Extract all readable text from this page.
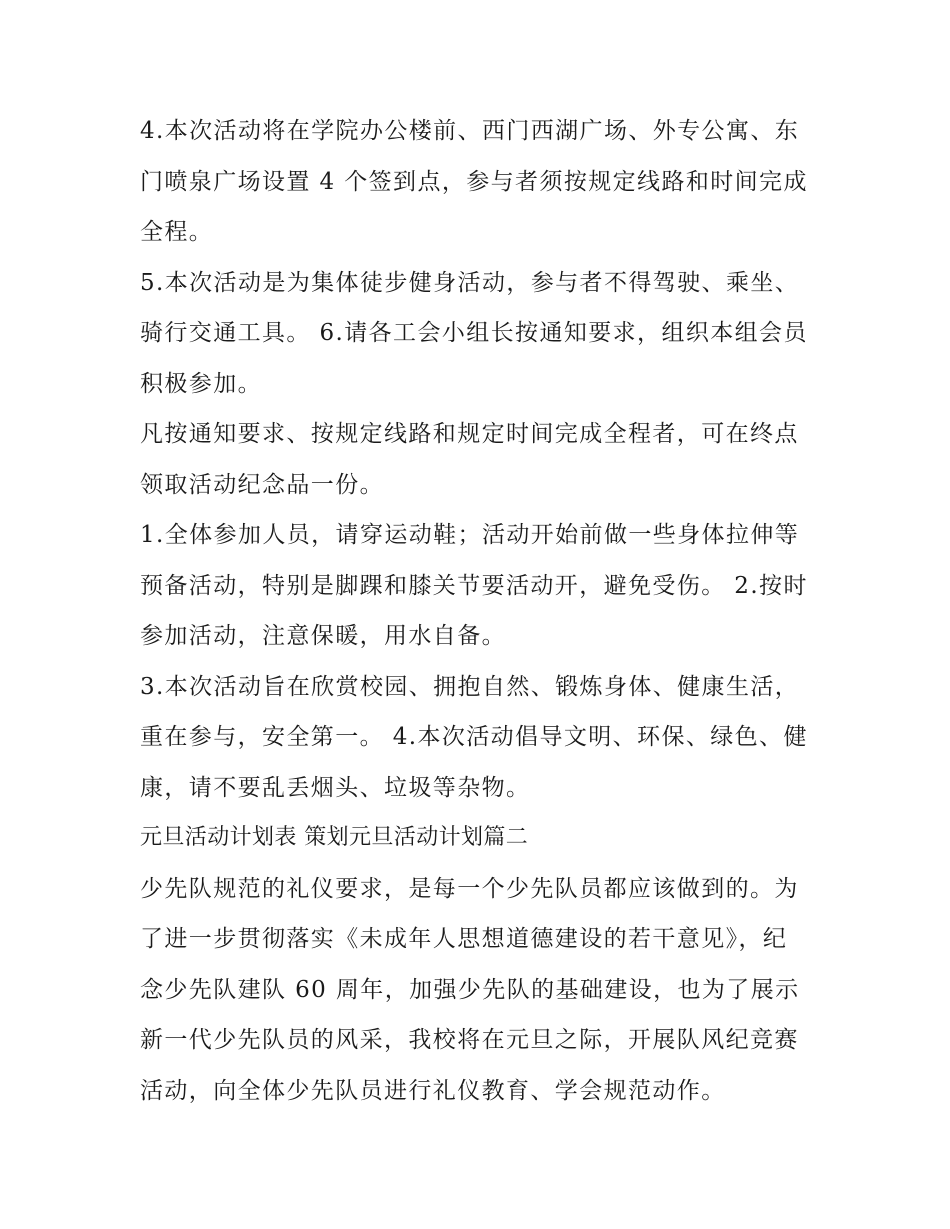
4.本次活动将在学院办公楼前、西门西湖广场、外专公寓、东
门喷泉广场设置 4 个签到点，参与者须按规定线路和时间完成
全程。
5.本次活动是为集体徒步健身活动，参与者不得驾驶、乘坐、
骑行交通工具。 6.请各工会小组长按通知要求，组织本组会员
积极参加。
凡按通知要求、按规定线路和规定时间完成全程者，可在终点
领取活动纪念品一份。
1.全体参加人员，请穿运动鞋；活动开始前做一些身体拉伸等
预备活动，特别是脚踝和膝关节要活动开，避免受伤。 2.按时
参加活动，注意保暖，用水自备。
3.本次活动旨在欣赏校园、拥抱自然、锻炼身体、健康生活，
重在参与，安全第一。 4.本次活动倡导文明、环保、绿色、健
康，请不要乱丢烟头、垃圾等杂物。
元旦活动计划表 策划元旦活动计划篇二
少先队规范的礼仪要求，是每一个少先队员都应该做到的。为
了进一步贯彻落实《未成年人思想道德建设的若干意见》，纪
念少先队建队 60 周年，加强少先队的基础建设，也为了展示
新一代少先队员的风采，我校将在元旦之际，开展队风纪竞赛
活动，向全体少先队员进行礼仪教育、学会规范动作。
